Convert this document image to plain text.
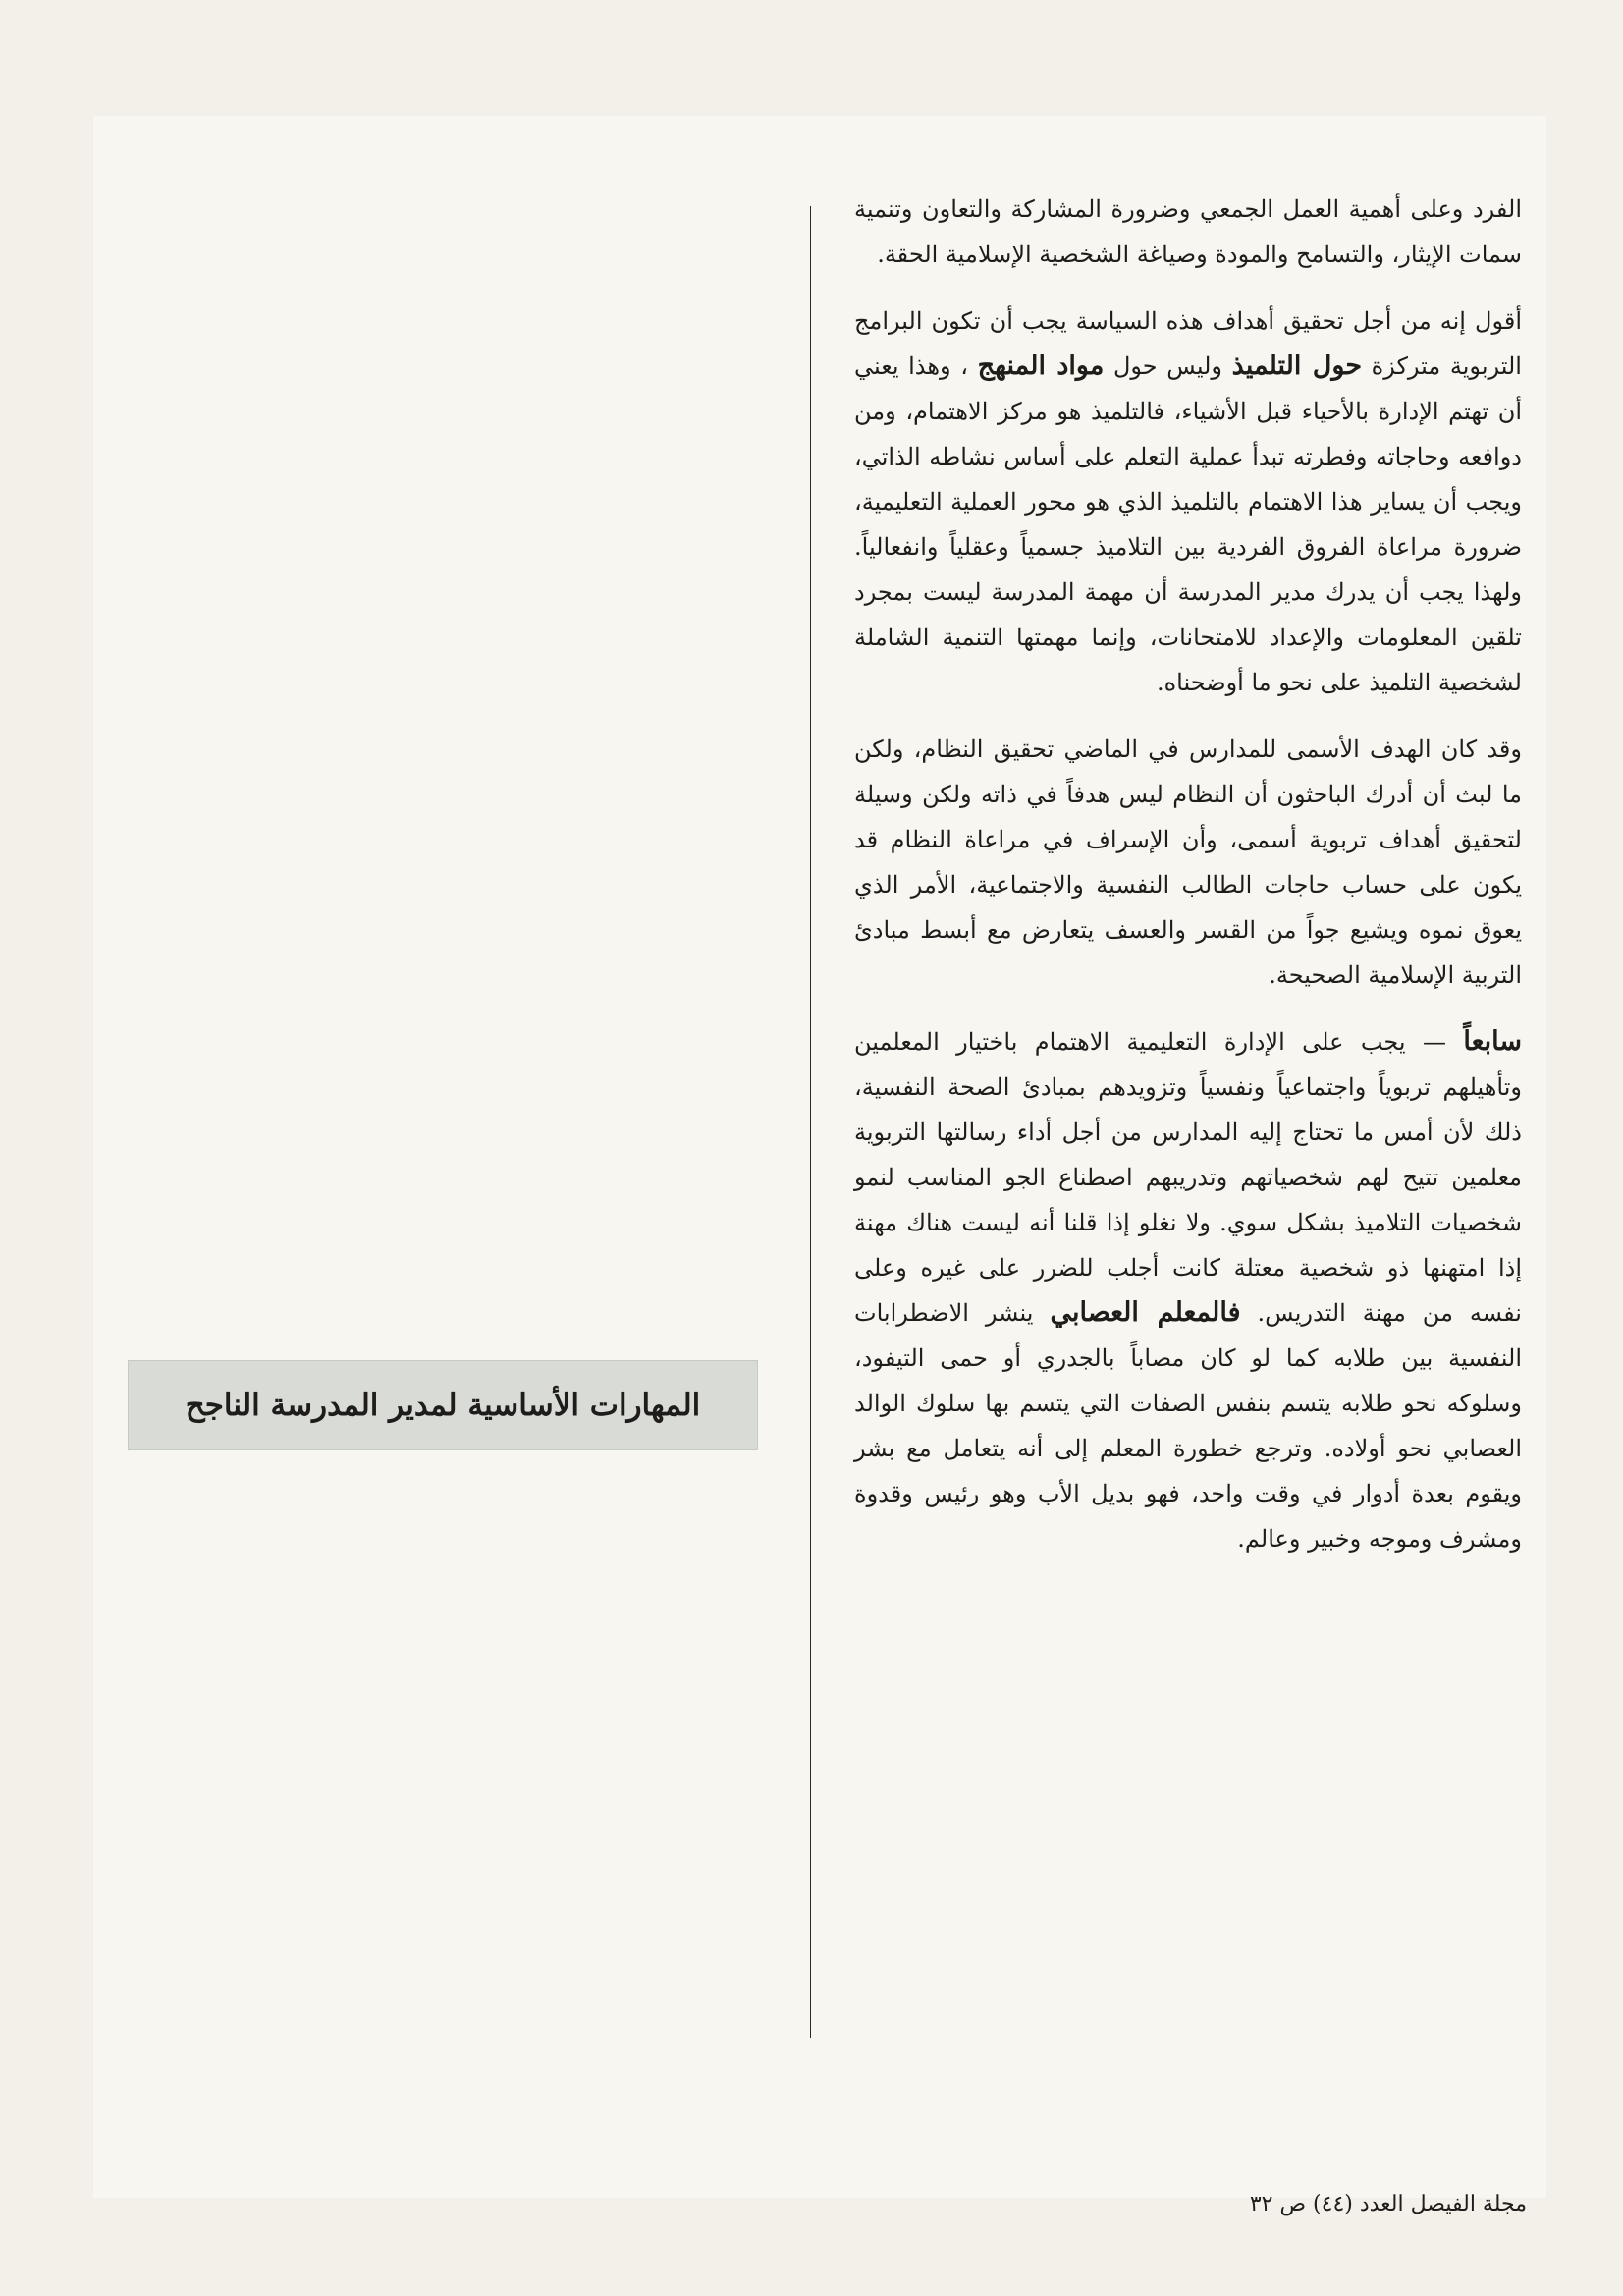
الفرد وعلى أهمية العمل الجمعي وضرورة المشاركة والتعاون وتنمية سمات الإيثار، والتسامح والمودة وصياغة الشخصية الإسلامية الحقة.

أقول إنه من أجل تحقيق أهداف هذه السياسة يجب أن تكون البرامج التربوية متركزة حول التلميذ وليس حول مواد المنهج ، وهذا يعني أن تهتم الإدارة بالأحياء قبل الأشياء، فالتلميذ هو مركز الاهتمام، ومن دوافعه وحاجاته وفطرته تبدأ عملية التعلم على أساس نشاطه الذاتي، ويجب أن يساير هذا الاهتمام بالتلميذ الذي هو محور العملية التعليمية، ضرورة مراعاة الفروق الفردية بين التلاميذ جسمياً وعقلياً وانفعالياً. ولهذا يجب أن يدرك مدير المدرسة أن مهمة المدرسة ليست بمجرد تلقين المعلومات والإعداد للامتحانات، وإنما مهمتها التنمية الشاملة لشخصية التلميذ على نحو ما أوضحناه.

وقد كان الهدف الأسمى للمدارس في الماضي تحقيق النظام، ولكن ما لبث أن أدرك الباحثون أن النظام ليس هدفاً في ذاته ولكن وسيلة لتحقيق أهداف تربوية أسمى، وأن الإسراف في مراعاة النظام قد يكون على حساب حاجات الطالب النفسية والاجتماعية، الأمر الذي يعوق نموه ويشيع جواً من القسر والعسف يتعارض مع أبسط مبادئ التربية الإسلامية الصحيحة.

سابعاً — يجب على الإدارة التعليمية الاهتمام باختيار المعلمين وتأهيلهم تربوياً واجتماعياً ونفسياً وتزويدهم بمبادئ الصحة النفسية، ذلك لأن أمس ما تحتاج إليه المدارس من أجل أداء رسالتها التربوية معلمين تتيح لهم شخصياتهم وتدريبهم اصطناع الجو المناسب لنمو شخصيات التلاميذ بشكل سوي. ولا نغلو إذا قلنا أنه ليست هناك مهنة إذا امتهنها ذو شخصية معتلة كانت أجلب للضرر على غيره وعلى نفسه من مهنة التدريس. فالمعلم العصابي ينشر الاضطرابات النفسية بين طلابه كما لو كان مصاباً بالجدري أو حمى التيفود، وسلوكه نحو طلابه يتسم بنفس الصفات التي يتسم بها سلوك الوالد العصابي نحو أولاده. وترجع خطورة المعلم إلى أنه يتعامل مع بشر ويقوم بعدة أدوار في وقت واحد، فهو بديل الأب وهو رئيس وقدوة ومشرف وموجه وخبير وعالم.

المهارات الأساسية لمدير المدرسة الناجح
مجلة الفيصل العدد (٤٤) ص ٣٢
